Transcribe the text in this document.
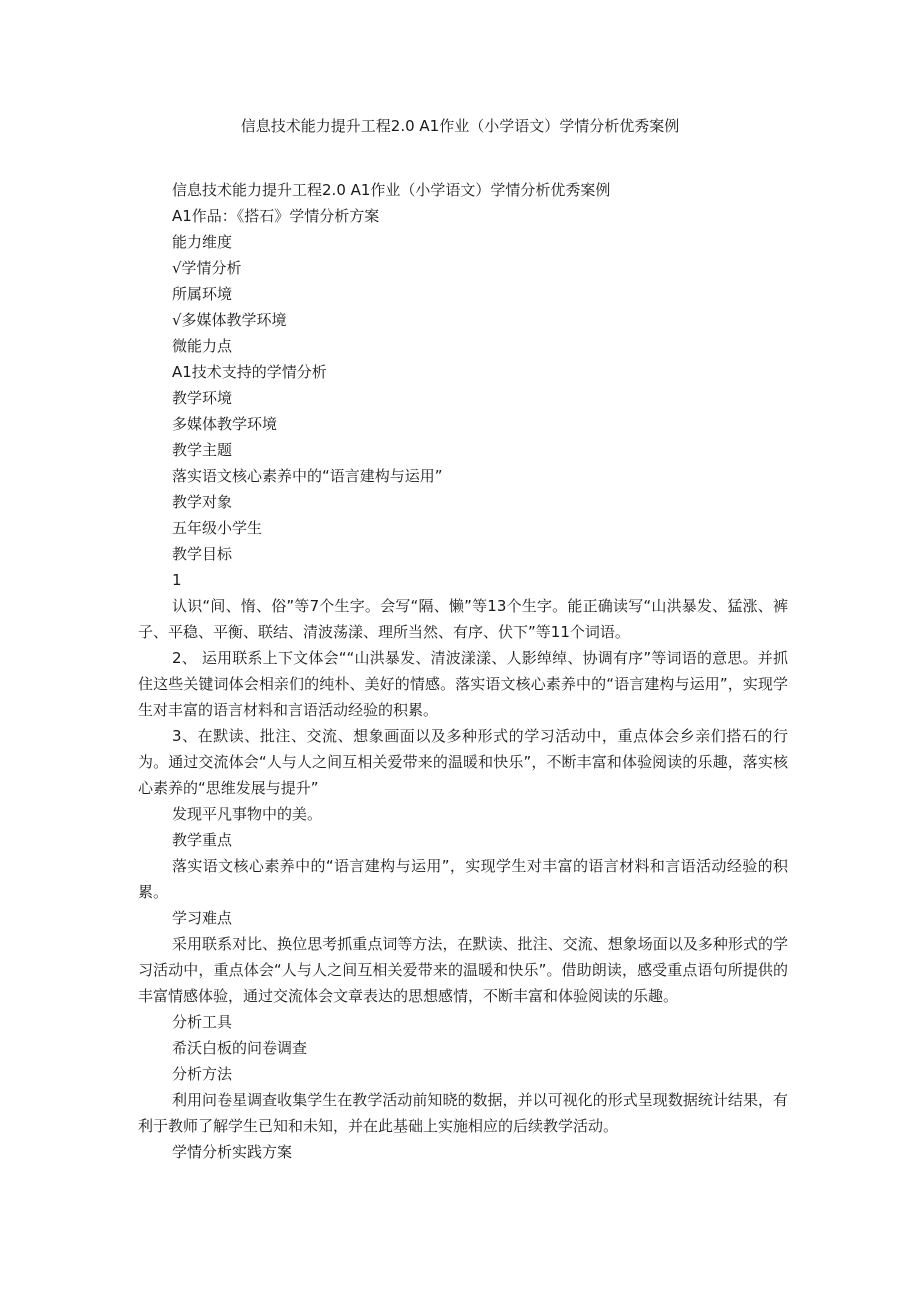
信息技术能力提升工程2.0 A1作业（小学语文）学情分析优秀案例

信息技术能力提升工程2.0 A1作业（小学语文）学情分析优秀案例

A1作品：《搭石》学情分析方案

能力维度

√学情分析

所属环境

√多媒体教学环境

微能力点

A1技术支持的学情分析

教学环境

多媒体教学环境

教学主题

落实语文核心素养中的“语言建构与运用”

教学对象

五年级小学生

教学目标

1

认识“间、惰、俗”等7个生字。会写“隔、懒”等13个生字。能正确读写“山洪暴发、猛涨、裤子、平稳、平衡、联结、清波荡漾、理所当然、有序、伏下”等11个词语。

2、 运用联系上下文体会““山洪暴发、清波漾漾、人影绰绰、协调有序”等词语的意思。并抓住这些关键词体会相亲们的纯朴、美好的情感。落实语文核心素养中的“语言建构与运用”，实现学生对丰富的语言材料和言语活动经验的积累。

3、在默读、批注、交流、想象画面以及多种形式的学习活动中，重点体会乡亲们搭石的行为。通过交流体会“人与人之间互相关爱带来的温暖和快乐”，不断丰富和体验阅读的乐趣，落实核心素养的“思维发展与提升”

发现平凡事物中的美。

教学重点

落实语文核心素养中的“语言建构与运用”，实现学生对丰富的语言材料和言语活动经验的积累。

学习难点

采用联系对比、换位思考抓重点词等方法，在默读、批注、交流、想象场面以及多种形式的学习活动中，重点体会“人与人之间互相关爱带来的温暖和快乐”。借助朗读，感受重点语句所提供的丰富情感体验，通过交流体会文章表达的思想感情，不断丰富和体验阅读的乐趣。

分析工具

希沃白板的问卷调查

分析方法

利用问卷星调查收集学生在教学活动前知晓的数据，并以可视化的形式呈现数据统计结果，有利于教师了解学生已知和未知，并在此基础上实施相应的后续教学活动。

学情分析实践方案
